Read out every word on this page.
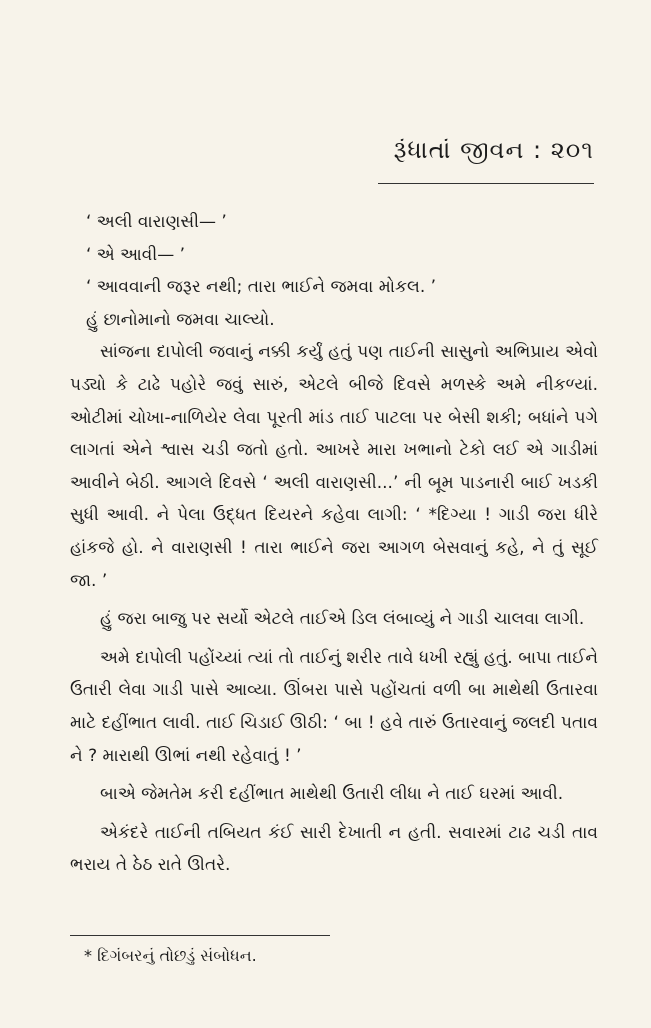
રૂંધાતાં જીવન : ૨૦૧

‘ અલી વારાણસી— ’

‘ એ આવી— ’

‘ આવવાની જરૂર નથી; તારા ભાઈને જમવા મોકલ. ’

હું છાનોમાનો જમવા ચાલ્યો.

સાંજના દાપોલી જવાનું નક્કી કર્યું હતું પણ તાઈની સાસુનો અભિપ્રાય એવો પડ્યો કે ટાઢે પહોરે જવું સારું, એટલે બીજે દિવસે મળસ્કે અમે નીકળ્યાં. ઓટીમાં ચોખા-નાળિયેર લેવા પૂરતી માંડ તાઈ પાટલા પર બેસી શકી; બધાંને પગે લાગતાં એને શ્વાસ ચડી જતો હતો. આખરે મારા ખભાનો ટેકો લઈ એ ગાડીમાં આવીને બેઠી. આગલે દિવસે ‘ અલી વારાણસી...’ ની બૂમ પાડનારી બાઈ ખડકી સુધી આવી. ને પેલા ઉદ્ધત દિયરને કહેવા લાગી: ‘ *દિગ્યા ! ગાડી જરા ધીરે હાંકજે હો. ને વારાણસી ! તારા ભાઈને જરા આગળ બેસવાનું કહે, ને તું સૂઈ જા. ’

હું જરા બાજુ પર સર્યો એટલે તાઈએ ડિલ લંબાવ્યું ને ગાડી ચાલવા લાગી.

અમે દાપોલી પહોંચ્યાં ત્યાં તો તાઈનું શરીર તાવે ધખી રહ્યું હતું. બાપા તાઈને ઉતારી લેવા ગાડી પાસે આવ્યા. ઊંબરા પાસે પહોંચતાં વળી બા માથેથી ઉતારવા માટે દહીંભાત લાવી. તાઈ ચિડાઈ ઊઠી: ‘ બા ! હવે તારું ઉતારવાનું જલદી પતાવ ને ? મારાથી ઊભાં નથી રહેવાતું ! ’

બાએ જેમતેમ કરી દહીંભાત માથેથી ઉતારી લીધા ને તાઈ ઘરમાં આવી.

એકંદરે તાઈની તબિયત કંઈ સારી દેખાતી ન હતી. સવારમાં ટાઢ ચડી તાવ ભરાય તે ઠેઠ રાતે ઊતરે.

* દિગંબરનું તોછડું સંબોધન.
